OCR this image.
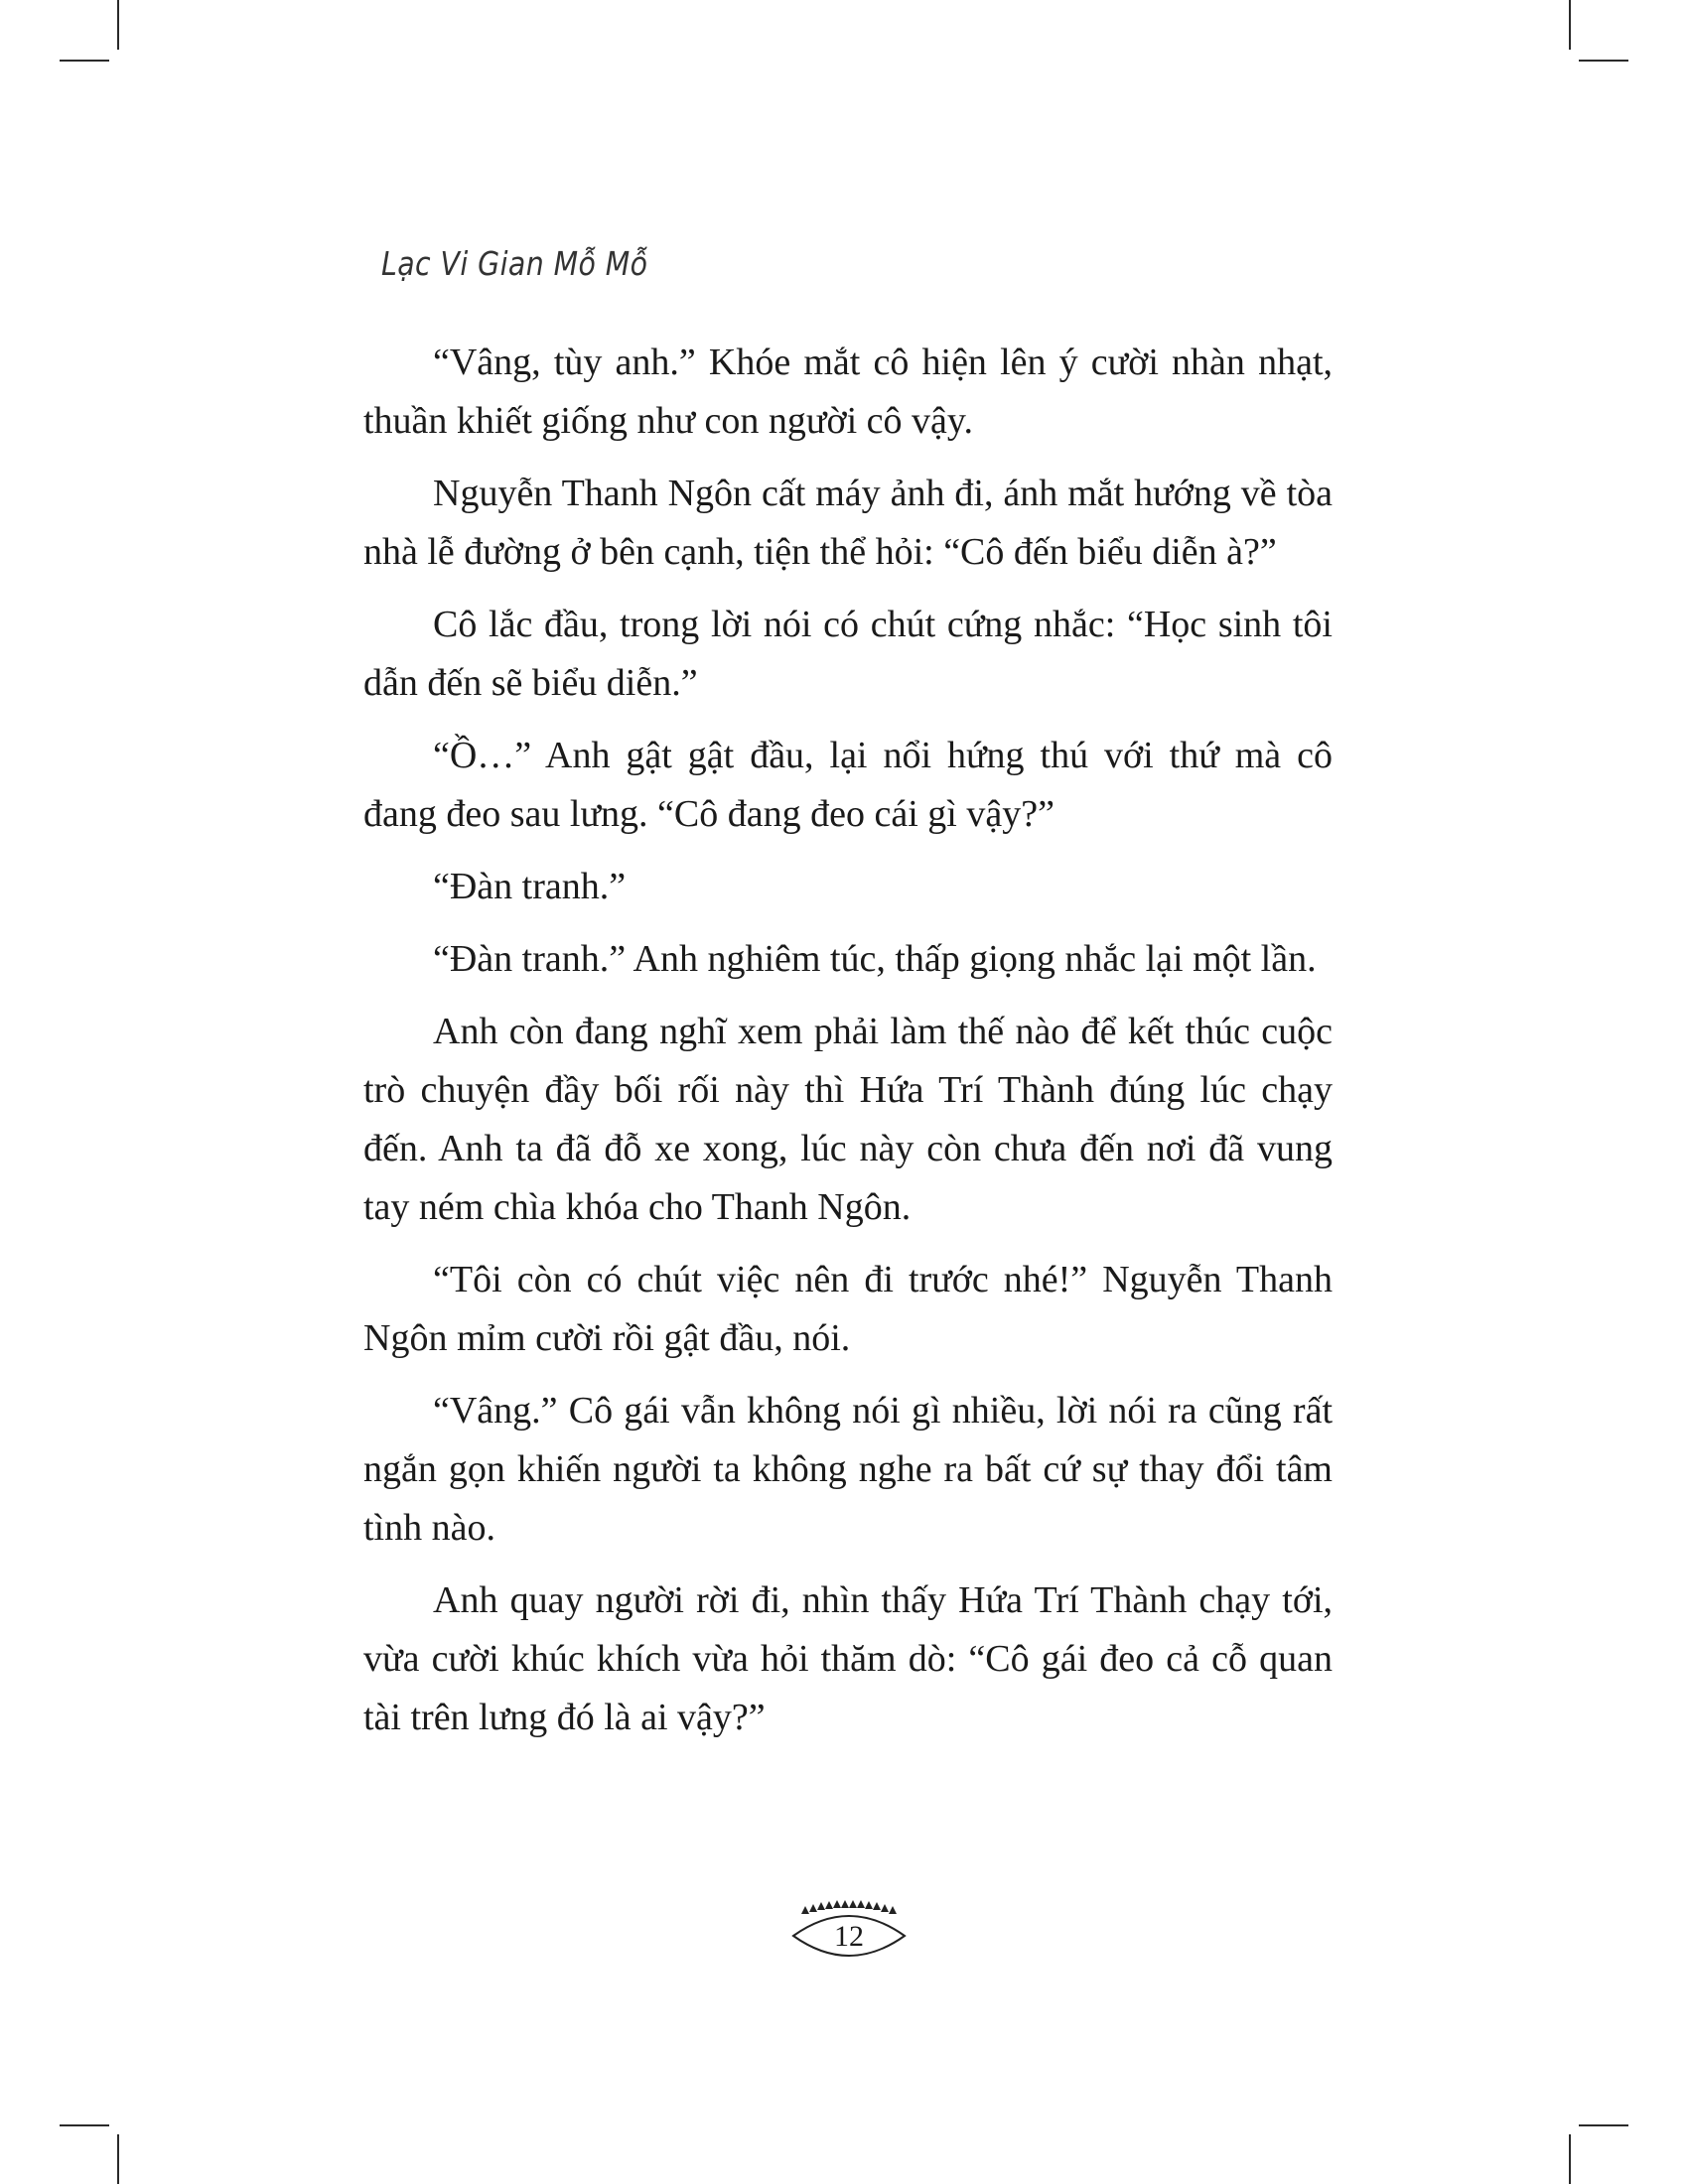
Lạc Vi Gian Mỗ Mỗ

“Vâng, tùy anh.” Khóe mắt cô hiện lên ý cười nhàn nhạt, thuần khiết giống như con người cô vậy.

Nguyễn Thanh Ngôn cất máy ảnh đi, ánh mắt hướng về tòa nhà lễ đường ở bên cạnh, tiện thể hỏi: “Cô đến biểu diễn à?”

Cô lắc đầu, trong lời nói có chút cứng nhắc: “Học sinh tôi dẫn đến sẽ biểu diễn.”

“Ồ…” Anh gật gật đầu, lại nổi hứng thú với thứ mà cô đang đeo sau lưng. “Cô đang đeo cái gì vậy?”

“Đàn tranh.”

“Đàn tranh.” Anh nghiêm túc, thấp giọng nhắc lại một lần.

Anh còn đang nghĩ xem phải làm thế nào để kết thúc cuộc trò chuyện đầy bối rối này thì Hứa Trí Thành đúng lúc chạy đến. Anh ta đã đỗ xe xong, lúc này còn chưa đến nơi đã vung tay ném chìa khóa cho Thanh Ngôn.

“Tôi còn có chút việc nên đi trước nhé!” Nguyễn Thanh Ngôn mỉm cười rồi gật đầu, nói.

“Vâng.” Cô gái vẫn không nói gì nhiều, lời nói ra cũng rất ngắn gọn khiến người ta không nghe ra bất cứ sự thay đổi tâm tình nào.

Anh quay người rời đi, nhìn thấy Hứa Trí Thành chạy tới, vừa cười khúc khích vừa hỏi thăm dò: “Cô gái đeo cả cỗ quan tài trên lưng đó là ai vậy?”

12
